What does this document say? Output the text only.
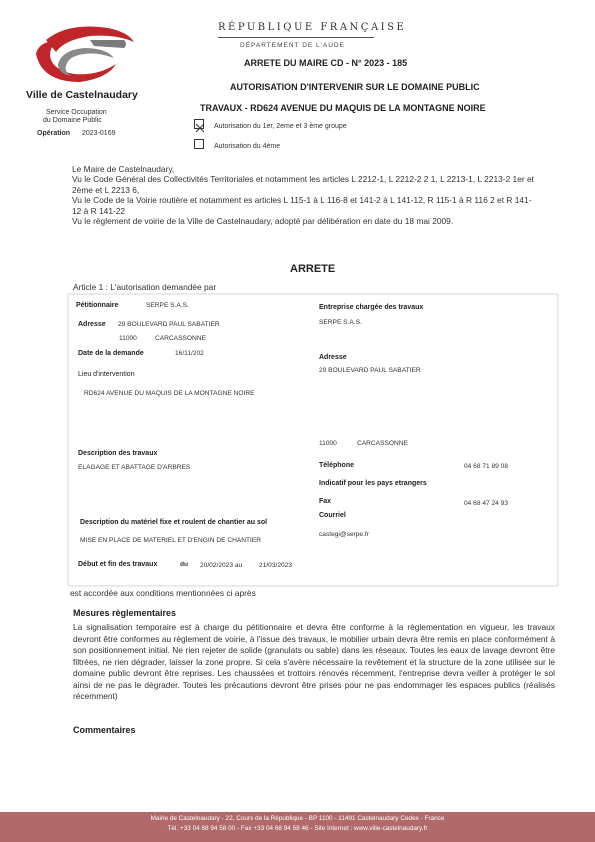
Ville de Castelnaudary
Service Occupation
du Domaine Public
Opération 2023-0169
RÉPUBLIQUE FRANÇAISE
DÉPARTEMENT DE L'AUDE
ARRETE DU MAIRE CD - N° 2023 - 185
AUTORISATION D'INTERVENIR SUR LE DOMAINE PUBLIC
TRAVAUX - RD624 AVENUE DU MAQUIS DE LA MONTAGNE NOIRE
Autorisation du 1er, 2eme et 3 ème groupe
Autorisation du 4ème
Le Maire de Castelnaudary,
Vu le Code Général des Collectivités Territoriales et notamment les articles L 2212-1, L 2212-2 2 1, L 2213-1, L 2213-2 1er et 2ème et L 2213 6,
Vu le Code de la Voirie routière et notamment es articles L 115-1 à L 116-8 et 141-2 à L 141-12, R 115-1 à R 116 2 et R 141-12 à R 141-22
Vu le règlement de voirie de la Ville de Castelnaudary, adopté par délibération en date du 18 mai 2009.
ARRETE
Article 1 : L'autorisation demandée par
Pétitionnaire	SERPE S.A.S.
Adresse 29 BOULEVARD PAUL SABATIER
11000	CARCASSONNE
Date de la demande	16/11/202
Lieu d'intervention
RD624 AVENUE DU MAQUIS DE LA MONTAGNE NOIRE
Description des travaux
ELAGAGE ET ABATTAGE D'ARBRES
Description du matériel fixe et roulent de chantier au sol
MISE EN PLACE DE MATERIEL ET D'ENGIN DE CHANTIER
Début et fin des travaux	du 20/02/2023 au	21/03/2023
Entreprise chargée des travaux
SERPE S.A.S.
Adresse
29 BOULEVARD PAUL SABATIER
11000	CARCASSONNE
Téléphone	04 68 71 89 08
Indicatif pour les pays etrangers
Fax	04 68 47 24 93
Courriel
castegi@serpe.fr
est accordée aux conditions mentionnées ci après
Mesures règlementaires
La signalisation temporaire est à charge du pétitionnaire et devra être conforme à la règlementation en vigueur, les travaux devront être conformes au règlement de voirie, à l'issue des travaux, le mobilier urbain devra être remis en place conformément à son positionnement initial. Ne rien rejeter de solide (granulats ou sable) dans les réseaux. Toutes les eaux de lavage devront être filtrées, ne rien dégrader, laisser la zone propre. Si cela s'avère nécessaire la revêtement et la structure de la zone utilisée sur le domaine public devront être reprises. Les chaussées et trottoirs rénovés récemment, l'entreprise devra veiller à protéger le sol ainsi de ne pas le dégrader. Toutes les précautions devront être prises pour ne pas endommager les espaces publics (réalisés récemment)
Commentaires
Mairie de Castelnaudary - 22, Cours de la République - BP 1100 - 11491 Castelnaudary Cedex - France
Tél. +33 04 68 94 58 00 - Fax +33 04 68 94 58 46 - Site Internet : www.ville-castelnaudary.fr
